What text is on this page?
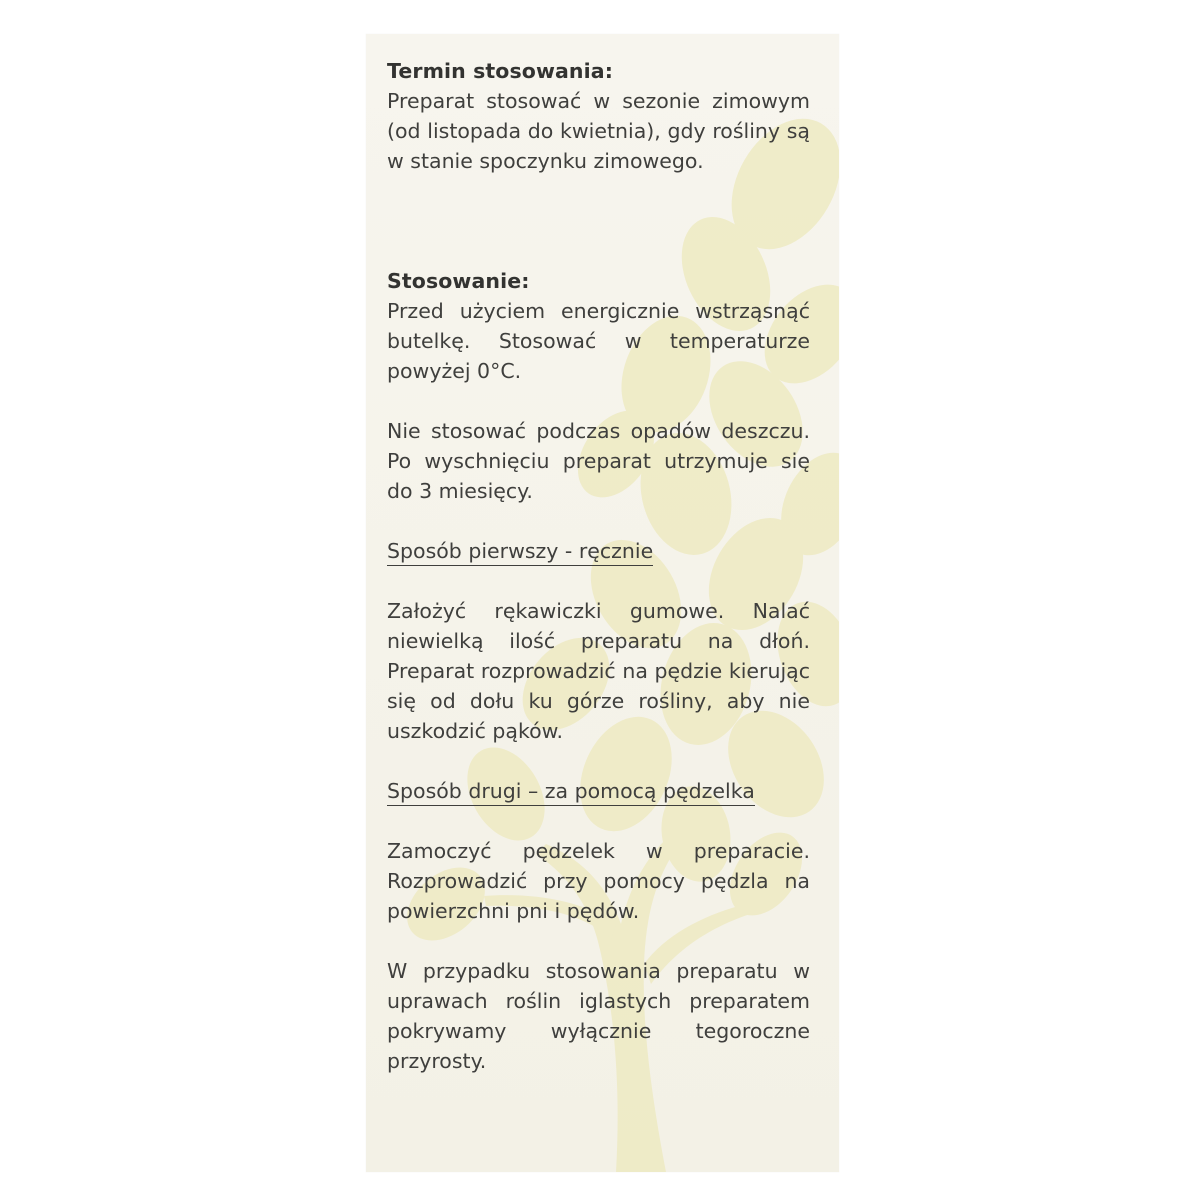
Termin stosowania:

Preparat stosować w sezonie zimowym (od listopada do kwietnia), gdy rośliny są w stanie spoczynku zimowego.

Stosowanie:

Przed użyciem energicznie wstrząsnąć butelkę. Stosować w temperaturze powyżej 0°C.

Nie stosować podczas opadów deszczu. Po wyschnięciu preparat utrzymuje się do 3 miesięcy.

Sposób pierwszy - ręcznie

Założyć rękawiczki gumowe. Nalać niewielką ilość preparatu na dłoń. Preparat rozprowadzić na pędzie kierując się od dołu ku górze rośliny, aby nie uszkodzić pąków.

Sposób drugi – za pomocą pędzelka

Zamoczyć pędzelek w preparacie. Rozprowadzić przy pomocy pędzla na powierzchni pni i pędów.

W przypadku stosowania preparatu w uprawach roślin iglastych preparatem pokrywamy wyłącznie tegoroczne przyrosty.
